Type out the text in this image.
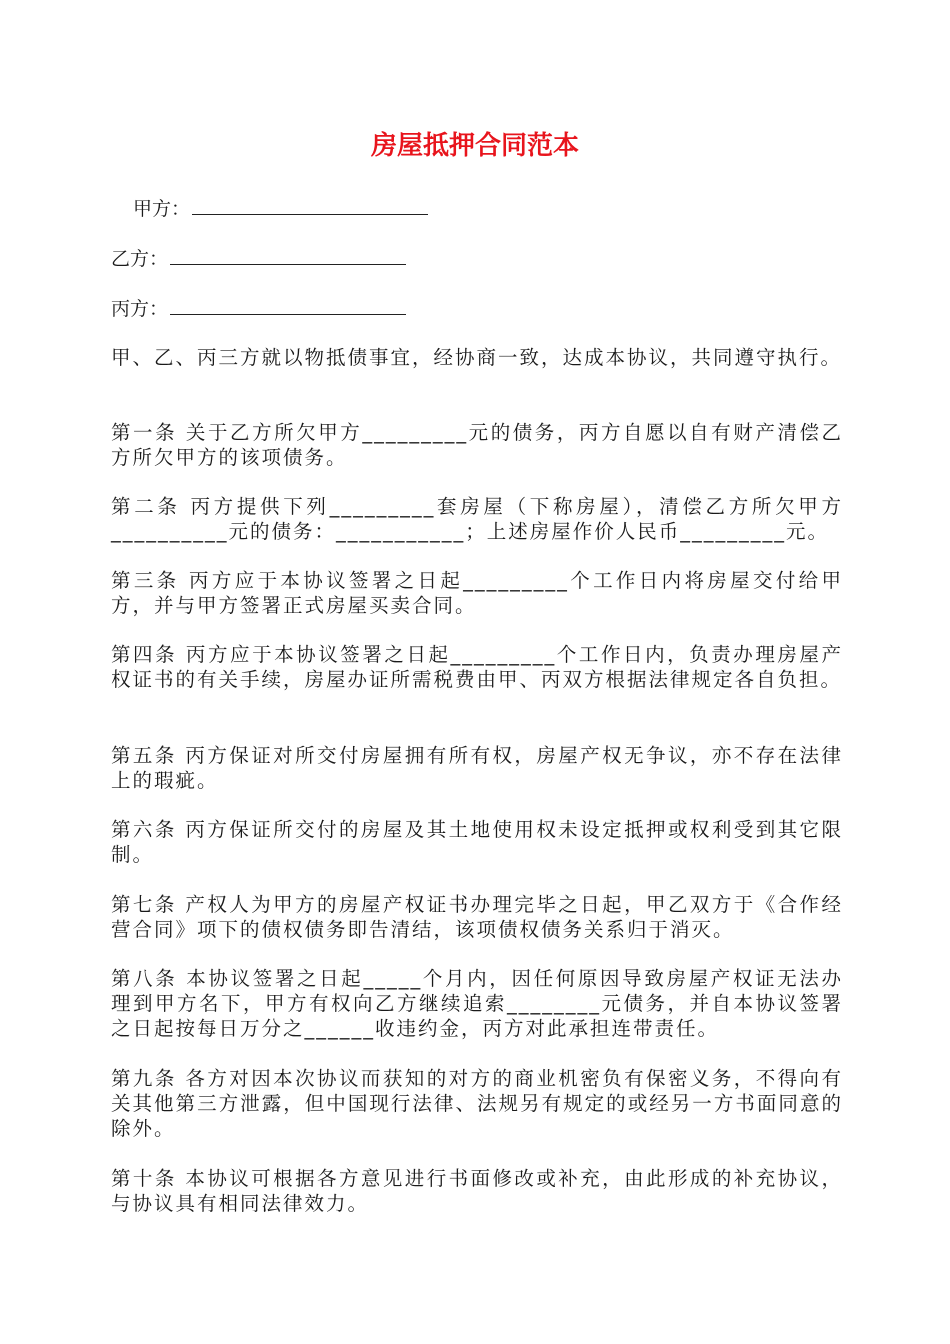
房屋抵押合同范本
甲方：
乙方：
丙方：
甲、乙、丙三方就以物抵债事宜，经协商一致，达成本协议，共同遵守执行。
第一条 关于乙方所欠甲方_________元的债务，丙方自愿以自有财产清偿乙方所欠甲方的该项债务。
第二条 丙方提供下列_________套房屋（下称房屋），清偿乙方所欠甲方__________元的债务：___________；上述房屋作价人民币_________元。
第三条 丙方应于本协议签署之日起_________个工作日内将房屋交付给甲方，并与甲方签署正式房屋买卖合同。
第四条 丙方应于本协议签署之日起_________个工作日内，负责办理房屋产权证书的有关手续，房屋办证所需税费由甲、丙双方根据法律规定各自负担。
第五条 丙方保证对所交付房屋拥有所有权，房屋产权无争议，亦不存在法律上的瑕疵。
第六条 丙方保证所交付的房屋及其土地使用权未设定抵押或权利受到其它限制。
第七条 产权人为甲方的房屋产权证书办理完毕之日起，甲乙双方于《合作经营合同》项下的债权债务即告清结，该项债权债务关系归于消灭。
第八条 本协议签署之日起_____个月内，因任何原因导致房屋产权证无法办理到甲方名下，甲方有权向乙方继续追索________元债务，并自本协议签署之日起按每日万分之______收违约金，丙方对此承担连带责任。
第九条 各方对因本次协议而获知的对方的商业机密负有保密义务，不得向有关其他第三方泄露，但中国现行法律、法规另有规定的或经另一方书面同意的除外。
第十条 本协议可根据各方意见进行书面修改或补充，由此形成的补充协议，与协议具有相同法律效力。
